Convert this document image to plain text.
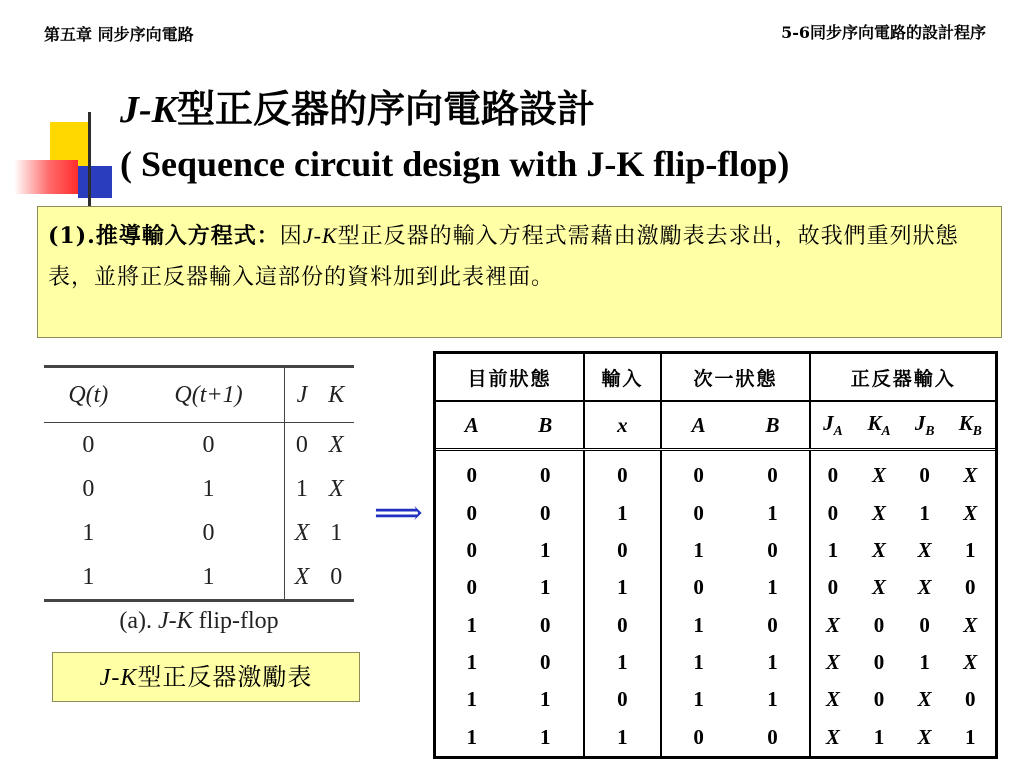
第五章 同步序向電路	5-6同步序向電路的設計程序
J-K型正反器的序向電路設計
( Sequence circuit design with J-K flip-flop)
(1).推導輸入方程式：因J-K型正反器的輸入方程式需藉由激勵表去求出，故我們重列狀態表，並將正反器輸入這部份的資料加到此表裡面。
Q(t)	Q(t+1)	J	K
0	0	0	X
0	1	1	X
1	0	X	1
1	1	X	0
(a). J-K flip-flop
J-K型正反器激勵表
⟹
目前狀態		輸入	次一狀態		正反器輸入			
A	B	x	A	B	$J_A$	$K_A$	$J_B$	$K_B$
0	0	0	0	0	0	X	0	X
0	0	1	0	1	0	X	1	X
0	1	0	1	0	1	X	X	1
0	1	1	0	1	0	X	X	0
1	0	0	1	0	X	0	0	X
1	0	1	1	1	X	0	1	X
1	1	0	1	1	X	0	X	0
1	1	1	0	0	X	1	X	1
